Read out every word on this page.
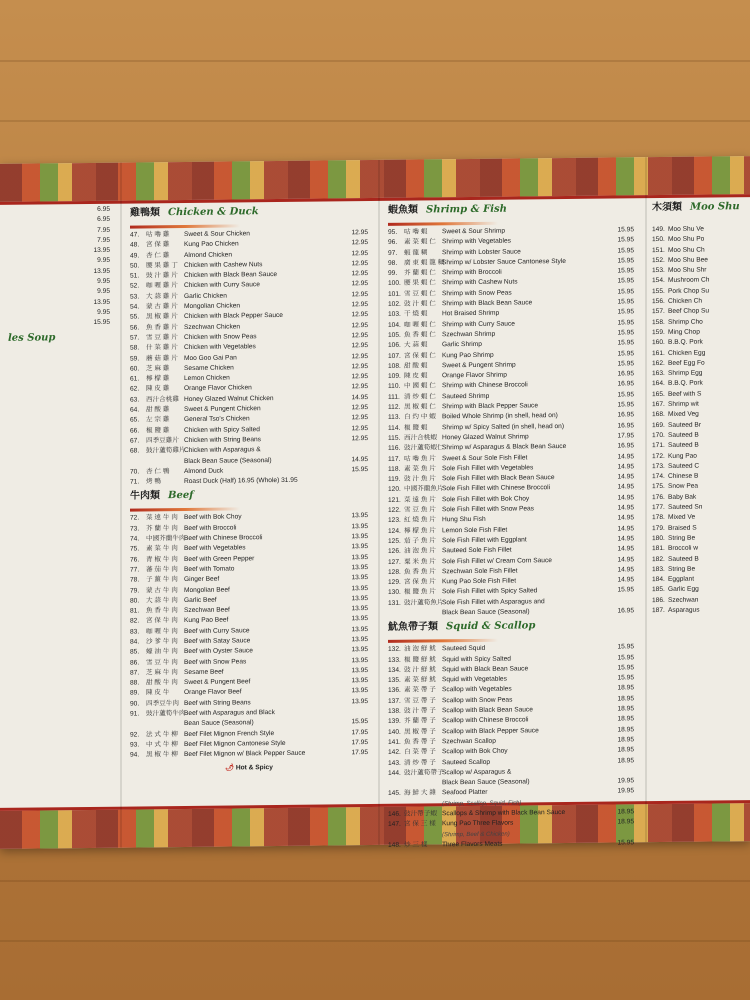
6.95
6.95
7.95
7.95
13.95
9.95
13.95
9.95
9.95
13.95
9.95
15.95
les Soup
雞鴨類 Chicken & Duck
47. 咕 嚕 雞 Sweet & Sour Chicken	12.95
48. 宮 保 雞 Kung Pao Chicken	12.95
49. 杏 仁 雞 Almond Chicken	12.95
50. 腰 果 雞 丁 Chicken with Cashew Nuts	12.95
51. 豉 汁 雞 片 Chicken with Black Bean Sauce	12.95
52. 咖 喱 雞 片 Chicken with Curry Sauce	12.95
53. 大 蒜 雞 片 Garlic Chicken	12.95
54. 蒙 古 雞 片 Mongolian Chicken	12.95
55. 黑 椒 雞 片 Chicken with Black Pepper Sauce	12.95
56. 魚 香 雞 片 Szechwan Chicken	12.95
57. 雪 豆 雞 片 Chicken with Snow Peas	12.95
58. 什 菜 雞 片 Chicken with Vegetables	12.95
59. 蘑 菇 雞 片 Moo Goo Gai Pan	12.95
60. 芝 麻 雞 Sesame Chicken	12.95
61. 檸 檬 雞 Lemon Chicken	12.95
62. 陳 皮 雞 Orange Flavor Chicken	12.95
63. 西汁合桃雞 Honey Glazed Walnut Chicken	14.95
64. 甜 酸 雞 Sweet & Pungent Chicken	12.95
65. 左 宗 雞 General Tso's Chicken	12.95
66. 椒 鹽 雞 Chicken with Spicy Salted	12.95
67. 四季豆雞片 Chicken with String Beans	12.95
68. 鼓汁蘆筍雞片Chicken with Asparagus &
Black Bean Sauce (Seasonal)	14.95
70. 杏 仁 鴨 Almond Duck	15.95
71. 烤 鴨	Roast Duck (Half) 16.95 (Whole) 31.95
牛肉類 Beef
72. 菜 遠 牛 肉 Beef with Bok Choy	13.95
73. 芥 蘭 牛 肉 Beef with Broccoli	13.95
74. 中國芥蘭牛肉Beef with Chinese Broccoli	13.95
75. 素 菜 牛 肉 Beef with Vegetables	13.95
76. 青 椒 牛 肉 Beef with Green Pepper	13.95
77. 蕃 茄 牛 肉 Beef with Tomato	13.95
78. 子 薑 牛 肉 Ginger Beef	13.95
79. 蒙 古 牛 肉 Mongolian Beef	13.95
80. 大 蒜 牛 肉 Garlic Beef	13.95
81. 魚 香 牛 肉 Szechwan Beef	13.95
82. 宮 保 牛 肉 Kung Pao Beef	13.95
83. 咖 喱 牛 肉 Beef with Curry Sauce	13.95
84. 沙 爹 牛 肉 Beef with Satay Sauce	13.95
85. 蠔 油 牛 肉 Beef with Oyster Sauce	13.95
86. 雪 豆 牛 肉 Beef with Snow Peas	13.95
87. 芝 麻 牛 肉 Sesame Beef	13.95
88. 甜 酸 牛 肉 Sweet & Pungent Beef	13.95
89. 陳 皮 牛 Orange Flavor Beef	13.95
90. 四季豆牛肉 Beef with String Beans	13.95
91. 豉汁蘆筍牛肉Beef with Asparagus and Black
Bean Sauce (Seasonal)	15.95
92. 法 式 牛 柳 Beef Filet Mignon French Style	17.95
93. 中 式 牛 柳 Beef Filet Mignon Cantonese Style	17.95
94. 黑 椒 牛 柳 Beef Filet Mignon w/ Black Pepper Sauce	17.95
🌶 Hot & Spicy
蝦魚類 Shrimp & Fish
95. 咕 嚕 蝦 Sweet & Sour Shrimp	15.95
96. 素 菜 蝦 仁 Shrimp with Vegetables	15.95
97. 蝦 龍 糊 Shrimp with Lobster Sauce	15.95
98. 廣 東 蝦 龍 糊Shrimp w/ Lobster Sauce Cantonese Style	15.95
99. 芥 蘭 蝦 仁 Shrimp with Broccoli	15.95
100. 腰 果 蝦 仁 Shrimp with Cashew Nuts	15.95
101. 雪 豆 蝦 仁 Shrimp with Snow Peas	15.95
102. 豉 汁 蝦 仁 Shrimp with Black Bean Sauce	15.95
103. 干 燒 蝦 Hot Braised Shrimp	15.95
104. 咖 喱 蝦 仁 Shrimp with Curry Sauce	15.95
105. 魚 香 蝦 仁 Szechwan Shrimp	15.95
106. 大 蒜 蝦 Garlic Shrimp	15.95
107. 宮 保 蝦 仁 Kung Pao Shrimp	15.95
108. 甜 酸 蝦 Sweet & Pungent Shrimp	15.95
109. 陳 皮 蝦 Orange Flavor Shrimp	16.95
110. 中 國 蝦 仁 Shrimp with Chinese Broccoli	16.95
111. 清 炒 蝦 仁 Sauteed Shrimp	15.95
112. 黑 椒 蝦 仁 Shrimp with Black Pepper Sauce	15.95
113. 白 灼 中 蝦 Boiled Whole Shrimp (in shell, head on)	16.95
114. 椒 鹽 蝦 Shrimp w/ Spicy Salted (in shell, head on)	16.95
115. 西汁合桃蝦 Honey Glazed Walnut Shrimp	17.95
116. 豉汁蘆筍蝦仁Shrimp w/ Asparagus & Black Bean Sauce	16.95
117. 咕 嚕 魚 片 Sweet & Sour Sole Fish Fillet	14.95
118. 素 菜 魚 片 Sole Fish Fillet with Vegetables	14.95
119. 豉 汁 魚 片 Sole Fish Fillet with Black Bean Sauce	14.95
120. 中國芥蘭魚片Sole Fish Fillet with Chinese Broccoli	14.95
121. 菜 遠 魚 片 Sole Fish Fillet with Bok Choy	14.95
122. 雪 豆 魚 片 Sole Fish Fillet with Snow Peas	14.95
123. 紅 燒 魚 片 Hung Shu Fish	14.95
124. 檸 檬 魚 片 Lemon Sole Fish Fillet	14.95
125. 茄 子 魚 片 Sole Fish Fillet with Eggplant	14.95
126. 油 泡 魚 片 Sauteed Sole Fish Fillet	14.95
127. 粟 米 魚 片 Sole Fish Fillet w/ Cream Corn Sauce	14.95
128. 魚 香 魚 片 Szechwan Sole Fish Fillet	14.95
129. 宮 保 魚 片 Kung Pao Sole Fish Fillet	14.95
130. 椒 鹽 魚 片 Sole Fish Fillet with Spicy Salted	15.95
131. 豉汁蘆筍魚片Sole Fish Fillet with Asparagus and
Black Bean Sauce (Seasonal)	16.95
魷魚帶子類 Squid & Scallop
132. 油 泡 鮮 魷 Sauteed Squid	15.95
133. 椒 鹽 鮮 魷 Squid with Spicy Salted	15.95
134. 豉 汁 鮮 魷 Squid with Black Bean Sauce	15.95
135. 素 菜 鮮 魷 Squid with Vegetables	15.95
136. 素 菜 帶 子 Scallop with Vegetables	18.95
137. 雪 豆 帶 子 Scallop with Snow Peas	18.95
138. 豉 汁 帶 子 Scallop with Black Bean Sauce	18.95
139. 芥 蘭 帶 子 Scallop with Chinese Broccoli	18.95
140. 黑 椒 帶 子 Scallop with Black Pepper Sauce	18.95
141. 魚 香 帶 子 Szechwan Scallop	18.95
142. 白 菜 帶 子 Scallop with Bok Choy	18.95
143. 清 炒 帶 子 Sauteed Scallop	18.95
144. 豉汁蘆筍帶子Scallop w/ Asparagus &
Black Bean Sauce (Seasonal)	19.95
145. 海 鮮 大 雜 Seafood Platter	19.95
(Shrimp, Scallop, Squid, Fish)
146. 豉汁帶子蝦 Scallops & Shrimp with Black Bean Sauce	18.95
147. 宮 保 三 樣 Kung Pao Three Flavors	18.95
(Shrimp, Beef & Chicken)
148. 炒 三 樣 Three Flavors Meats	15.95
木須類 Moo Shu
149. Moo Shu Ve
150. Moo Shu Po
151. Moo Shu Ch
152. Moo Shu Bee
153. Moo Shu Shr
154. Mushroom Ch
155. Pork Chop Su
156. Chicken Ch
157. Beef Chop Su
158. Shrimp Cho
159. Ming Chop
160. B.B.Q. Pork
161. Chicken Egg
162. Beef Egg Fo
163. Shrimp Egg
164. B.B.Q. Pork
165. Beef with S
167. Shrimp wit
168. Mixed Veg
169. Sauteed Br
170. Sauteed B
171. Sauteed B
172. Kung Pao
173. Sauteed C
174. Chinese B
175. Snow Pea
176. Baby Bak
177. Sauteed Sn
178. Mixed Ve
179. Braised S
180. String Be
181. Broccoli w
182. Sauteed B
183. String Be
184. Eggplant
185. Garlic Egg
186. Szechwan
187. Asparagus
